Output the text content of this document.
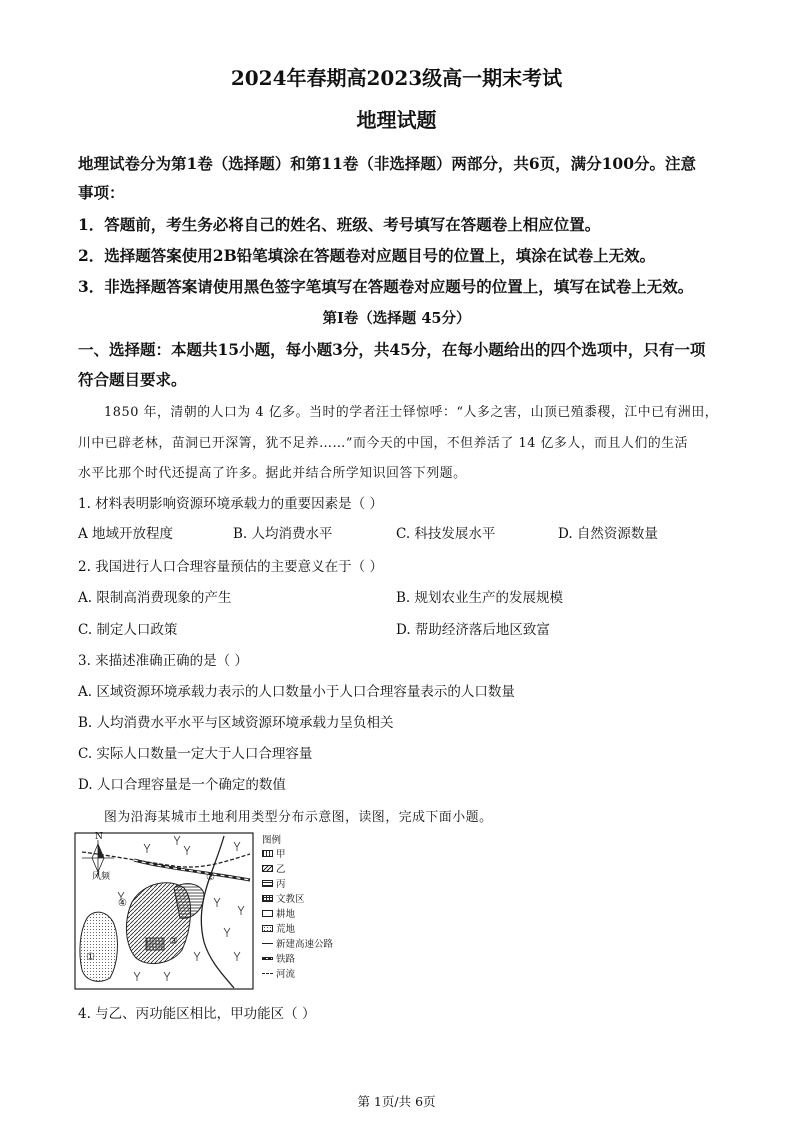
2024年春期高2023级高一期末考试
地理试题
地理试卷分为第1卷（选择题）和第11卷（非选择题）两部分，共6页，满分100分。注意
事项：
1．答题前，考生务必将自己的姓名、班级、考号填写在答题卷上相应位置。
2．选择题答案使用2B铅笔填涂在答题卷对应题目号的位置上，填涂在试卷上无效。
3．非选择题答案请使用黑色签字笔填写在答题卷对应题号的位置上，填写在试卷上无效。
第I卷（选择题 45分）
一、选择题：本题共15小题，每小题3分，共45分，在每小题给出的四个选项中，只有一项
符合题目要求。
1850 年，清朝的人口为 4 亿多。当时的学者汪士铎惊呼：“人多之害，山顶已殖黍稷，江中已有洲田，
川中已辟老林，苗洞已开深箐，犹不足养……”而今天的中国，不但养活了 14 亿多人，而且人们的生活
水平比那个时代还提高了许多。据此并结合所学知识回答下列题。
1. 材料表明影响资源环境承载力的重要因素是（ ）
A 地域开放程度	B. 人均消费水平	C. 科技发展水平	D. 自然资源数量
2. 我国进行人口合理容量预估的主要意义在于（ ）
A. 限制高消费现象的产生	B. 规划农业生产的发展规模
C. 制定人口政策	D. 帮助经济落后地区致富
3. 来描述准确正确的是（ ）
A. 区域资源环境承载力表示的人口数量小于人口合理容量表示的人口数量
B. 人均消费水平水平与区域资源环境承载力呈负相关
C. 实际人口数量一定大于人口合理容量
D. 人口合理容量是一个确定的数值
图为沿海某城市土地利用类型分布示意图，读图，完成下面小题。
N
风频
①
②
③
④
图例
甲
乙
丙
文教区
耕地
荒地
新建高速公路
铁路
河流
4. 与乙、丙功能区相比，甲功能区（ ）
第 1页/共 6页
